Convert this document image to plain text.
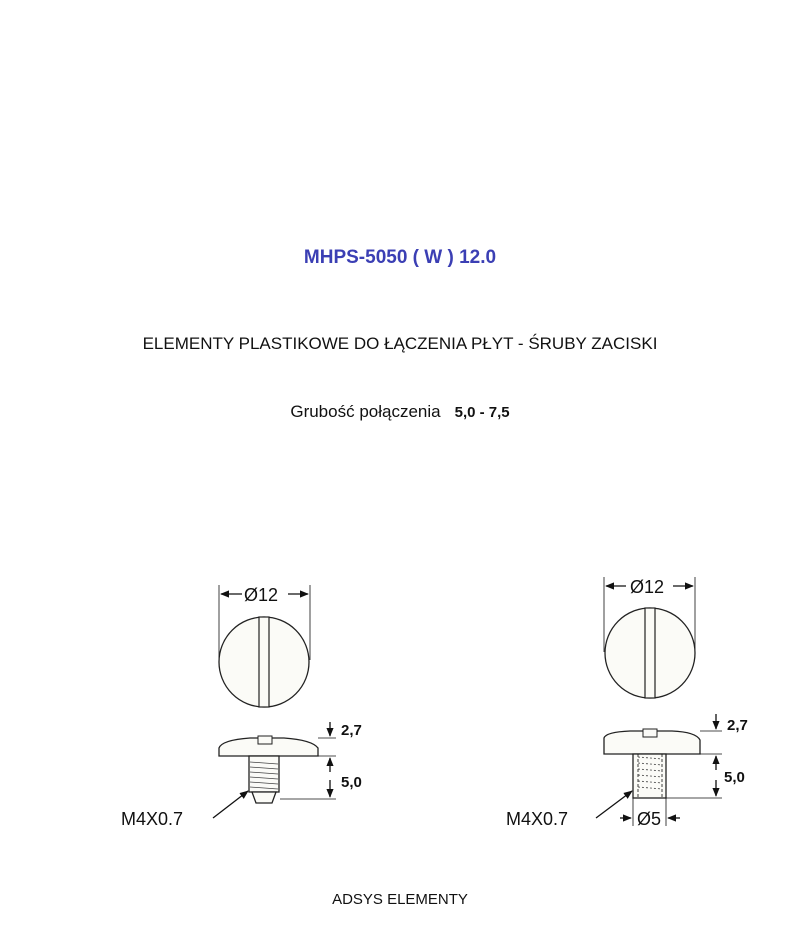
MHPS-5050 ( W ) 12.0
ELEMENTY PLASTIKOWE DO ŁĄCZENIA PŁYT - ŚRUBY ZACISKI
Grubość połączenia 5,0 - 7,5
Ø12
2,7
5,0
M4X0.7
Ø12
2,7
5,0
M4X0.7	Ø5
ADSYS ELEMENTY
